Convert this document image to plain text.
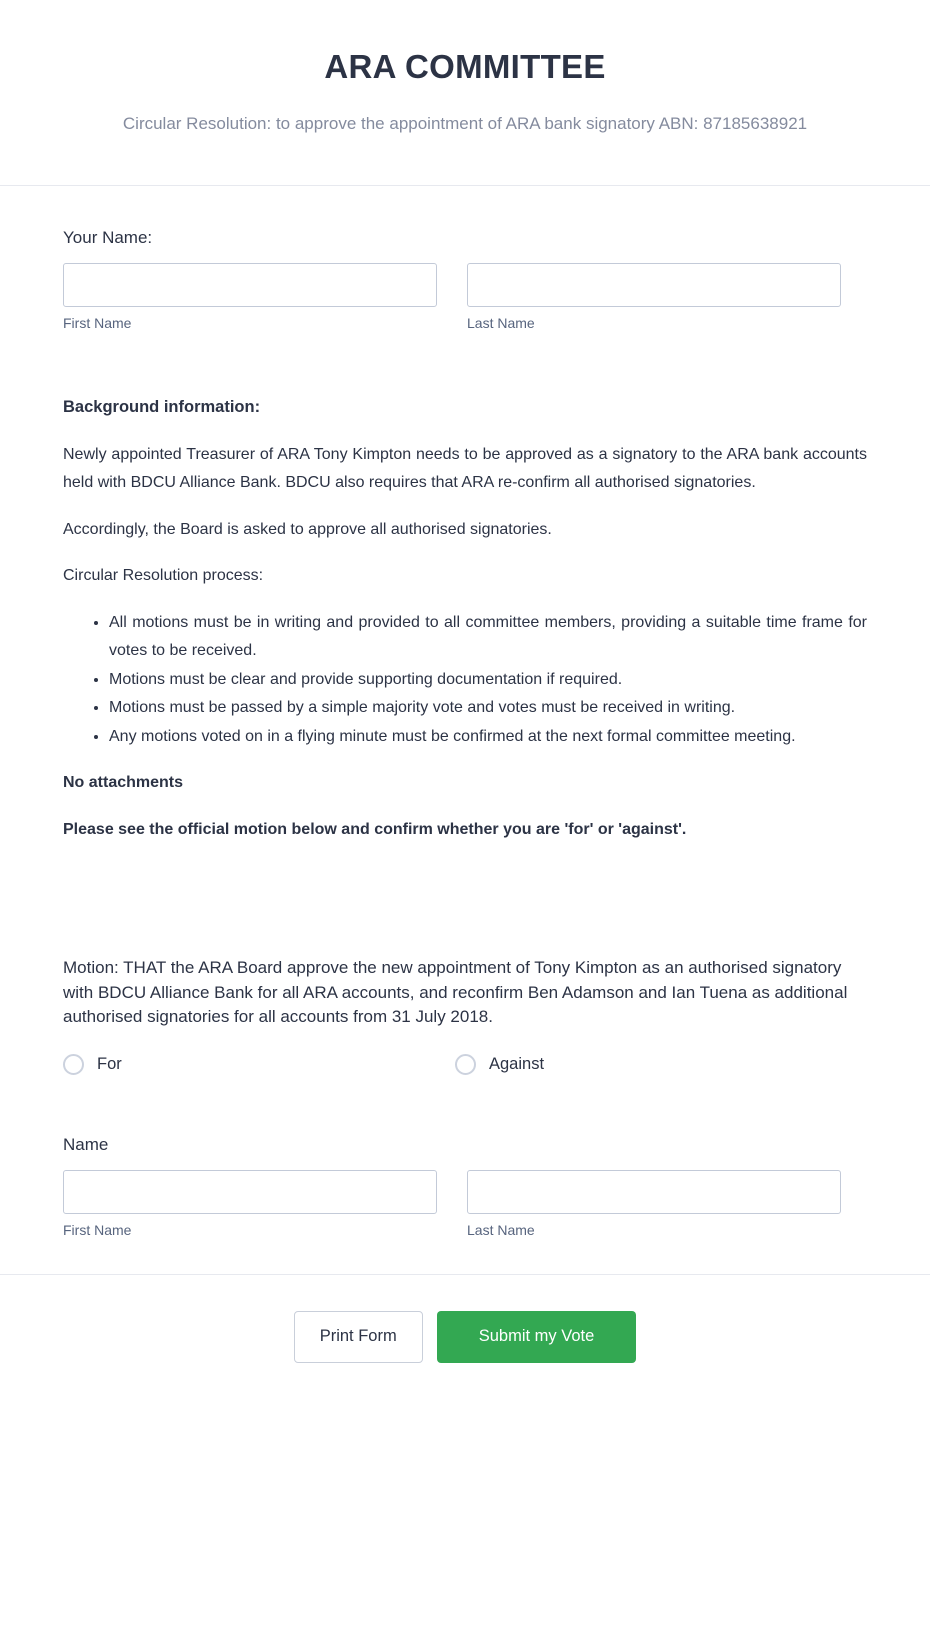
ARA COMMITTEE
Circular Resolution: to approve the appointment of ARA bank signatory ABN: 87185638921
Your Name:
First Name	Last Name
Background information:

Newly appointed Treasurer of ARA Tony Kimpton needs to be approved as a signatory to the ARA bank accounts held with BDCU Alliance Bank. BDCU also requires that ARA re-confirm all authorised signatories.

Accordingly, the Board is asked to approve all authorised signatories.

Circular Resolution process:

• All motions must be in writing and provided to all committee members, providing a suitable time frame for votes to be received.
• Motions must be clear and provide supporting documentation if required.
• Motions must be passed by a simple majority vote and votes must be received in writing.
• Any motions voted on in a flying minute must be confirmed at the next formal committee meeting.
No attachments
Please see the official motion below and confirm whether you are 'for' or 'against'.
Motion: THAT the ARA Board approve the new appointment of Tony Kimpton as an authorised signatory with BDCU Alliance Bank for all ARA accounts, and reconfirm Ben Adamson and Ian Tuena as additional authorised signatories for all accounts from 31 July 2018.
For	Against
Name
First Name	Last Name
Print Form	Submit my Vote
